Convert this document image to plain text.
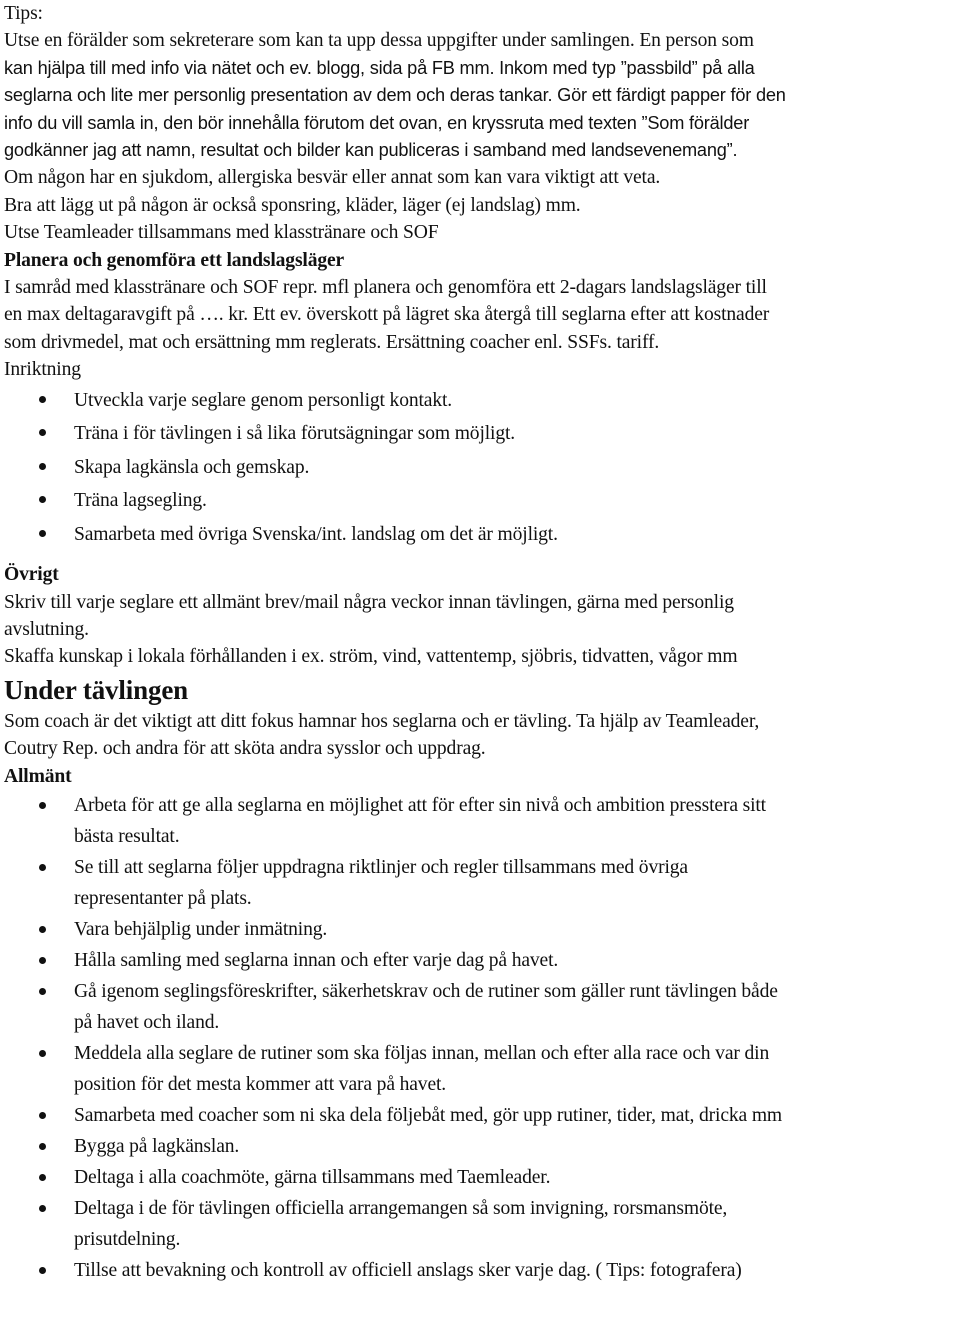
Tips:
Utse en förälder som sekreterare som kan ta upp dessa uppgifter under samlingen. En person som
kan hjälpa till med info via nätet och ev. blogg, sida på FB mm. Inkom med typ ”passbild” på alla
seglarna och lite mer personlig presentation av dem och deras tankar. Gör ett färdigt papper för den
info du vill samla in, den bör innehålla förutom det ovan, en kryssruta med texten ”Som förälder
godkänner jag att namn, resultat och bilder kan publiceras i samband med landsevenemang”.
Om någon har en sjukdom, allergiska besvär eller annat som kan vara viktigt att veta.
Bra att lägg ut på någon är också sponsring, kläder, läger (ej landslag) mm.
Utse Teamleader tillsammans med klasstränare och SOF
Planera och genomföra ett landslagsläger
I samråd med klasstränare och SOF repr. mfl planera och genomföra ett 2-dagars landslagsläger till
en max deltagaravgift på …. kr. Ett ev. överskott på lägret ska återgå till seglarna efter att kostnader
som drivmedel, mat och ersättning mm reglerats. Ersättning coacher enl. SSFs. tariff.
Inriktning
Utveckla varje seglare genom personligt kontakt.
Träna i för tävlingen i så lika förutsägningar som möjligt.
Skapa lagkänsla och gemskap.
Träna lagsegling.
Samarbeta med övriga Svenska/int. landslag om det är möjligt.
Övrigt
Skriv till varje seglare ett allmänt brev/mail några veckor innan tävlingen, gärna med personlig
avslutning.
Skaffa kunskap i lokala förhållanden i ex. ström, vind, vattentemp, sjöbris, tidvatten, vågor mm
Under tävlingen
Som coach är det viktigt att ditt fokus hamnar hos seglarna och er tävling. Ta hjälp av Teamleader,
Coutry Rep. och andra för att sköta andra sysslor och uppdrag.
Allmänt
Arbeta för att ge alla seglarna en möjlighet att för efter sin nivå och ambition presstera sitt
bästa resultat.
Se till att seglarna följer uppdragna riktlinjer och regler tillsammans med övriga
representanter på plats.
Vara behjälplig under inmätning.
Hålla samling med seglarna innan och efter varje dag på havet.
Gå igenom seglingsföreskrifter, säkerhetskrav och de rutiner som gäller runt tävlingen både
på havet och iland.
Meddela alla seglare de rutiner som ska följas innan, mellan och efter alla race och var din
position för det mesta kommer att vara på havet.
Samarbeta med coacher som ni ska dela följebåt med, gör upp rutiner, tider, mat, dricka mm
Bygga på lagkänslan.
Deltaga i alla coachmöte, gärna tillsammans med Taemleader.
Deltaga i de för tävlingen officiella arrangemangen så som invigning, rorsmansmöte,
prisutdelning.
Tillse att bevakning och kontroll av officiell anslags sker varje dag. ( Tips: fotografera)
